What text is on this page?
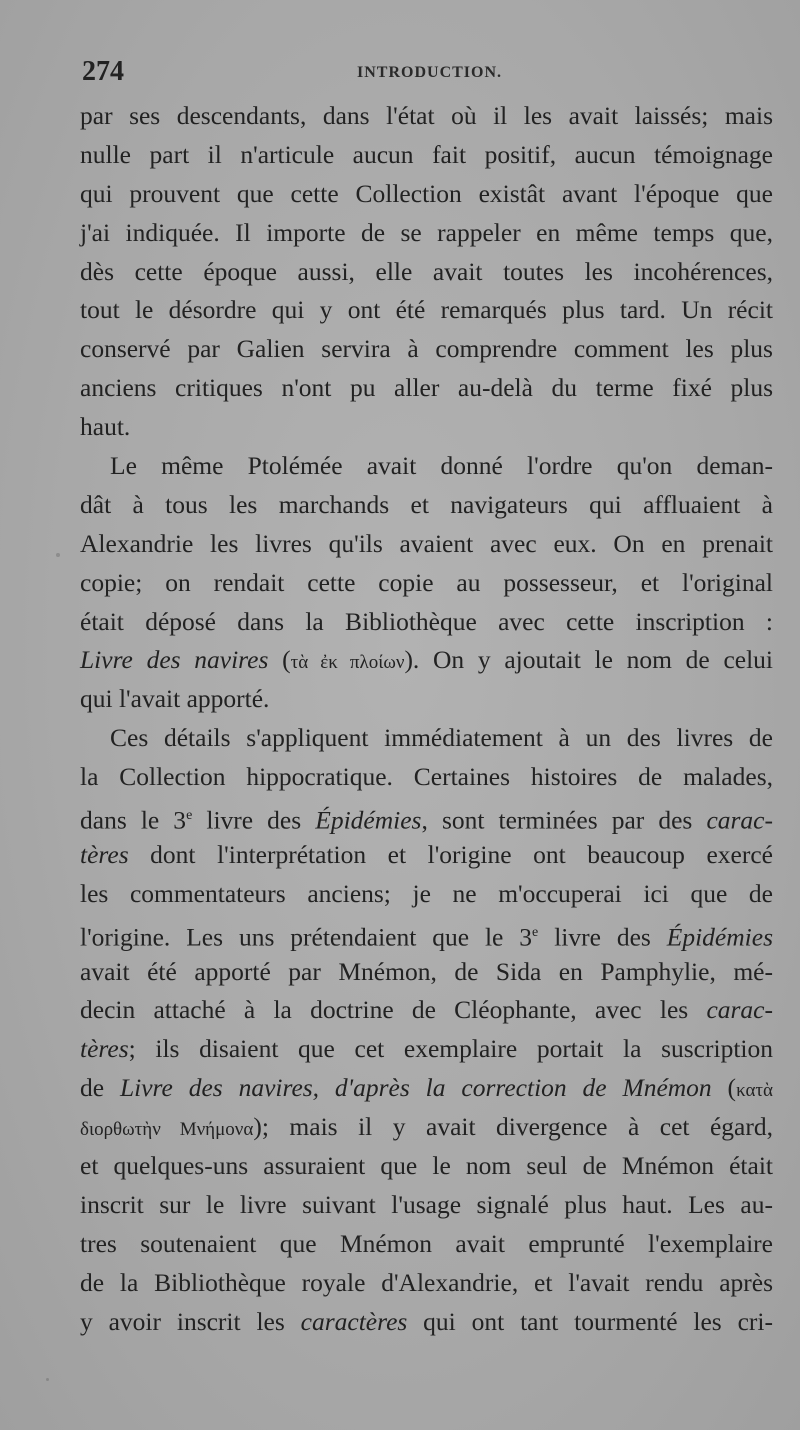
274	INTRODUCTION.
par ses descendants, dans l'état où il les avait laissés; mais
nulle part il n'articule aucun fait positif, aucun témoignage
qui prouvent que cette Collection existât avant l'époque que
j'ai indiquée. Il importe de se rappeler en même temps que,
dès cette époque aussi, elle avait toutes les incohérences,
tout le désordre qui y ont été remarqués plus tard. Un récit
conservé par Galien servira à comprendre comment les plus
anciens critiques n'ont pu aller au-delà du terme fixé plus
haut.
Le même Ptolémée avait donné l'ordre qu'on deman-
dât à tous les marchands et navigateurs qui affluaient à
Alexandrie les livres qu'ils avaient avec eux. On en prenait
copie; on rendait cette copie au possesseur, et l'original
était déposé dans la Bibliothèque avec cette inscription :
Livre des navires (τὰ ἐκ πλοίων). On y ajoutait le nom de celui
qui l'avait apporté.
Ces détails s'appliquent immédiatement à un des livres de
la Collection hippocratique. Certaines histoires de malades,
dans le 3e livre des Épidémies, sont terminées par des carac-
tères dont l'interprétation et l'origine ont beaucoup exercé
les commentateurs anciens; je ne m'occuperai ici que de
l'origine. Les uns prétendaient que le 3e livre des Épidémies
avait été apporté par Mnémon, de Sida en Pamphylie, mé-
decin attaché à la doctrine de Cléophante, avec les carac-
tères; ils disaient que cet exemplaire portait la suscription
de Livre des navires, d'après la correction de Mnémon (κατὰ
διορθωτὴν Μνήμονα); mais il y avait divergence à cet égard,
et quelques-uns assuraient que le nom seul de Mnémon était
inscrit sur le livre suivant l'usage signalé plus haut. Les au-
tres soutenaient que Mnémon avait emprunté l'exemplaire
de la Bibliothèque royale d'Alexandrie, et l'avait rendu après
y avoir inscrit les caractères qui ont tant tourmenté les cri-
